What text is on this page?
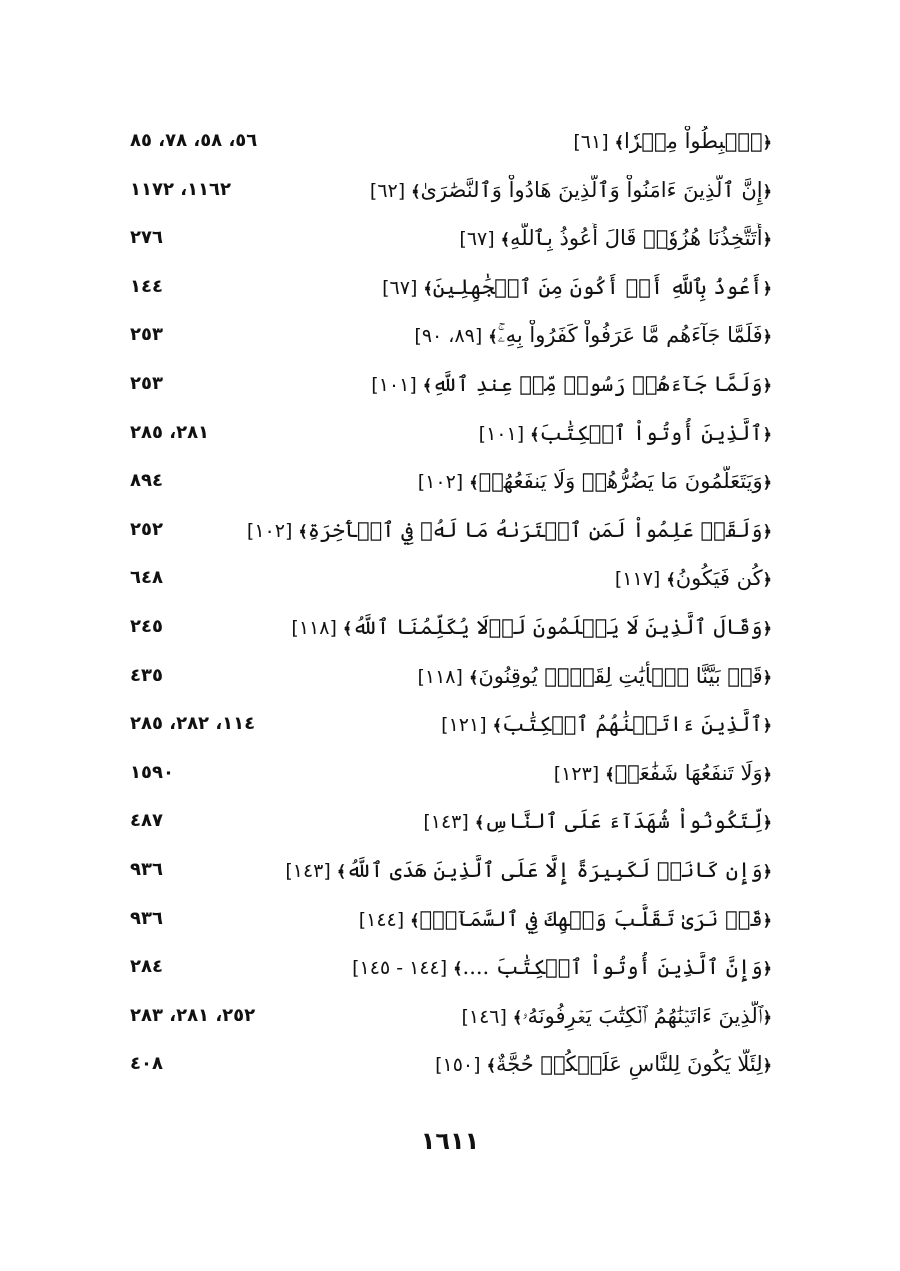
﴿ٱهۡبِطُواْ مِصۡرٗا﴾[٦١]
٥٦، ٥٨، ٧٨، ٨٥
﴿إِنَّ ٱلَّذِينَ ءَامَنُواْ وَٱلَّذِينَ هَادُواْ وَٱلنَّصَٰرَىٰ﴾[٦٢]
١١٦٢، ١١٧٢
﴿أَتَتَّخِذُنَا هُزُوٗاۖ قَالَ أَعُوذُ بِٱللَّهِ﴾[٦٧]
٢٧٦
﴿أَعُوذُ بِٱللَّهِ أَنۡ أَكُونَ مِنَ ٱلۡجَٰهِلِينَ﴾[٦٧]
١٤٤
﴿فَلَمَّا جَآءَهُم مَّا عَرَفُواْ كَفَرُواْ بِهِۦۚ﴾[٨٩، ٩٠]
٢٥٣
﴿وَلَمَّا جَآءَهُمۡ رَسُولٞ مِّنۡ عِندِ ٱللَّهِ﴾[١٠١]
٢٥٣
﴿ٱلَّذِينَ أُوتُواْ ٱلۡكِتَٰبَ﴾[١٠١]
٢٨١، ٢٨٥
﴿وَيَتَعَلَّمُونَ مَا يَضُرُّهُمۡ وَلَا يَنفَعُهُمۡ﴾[١٠٢]
٨٩٤
﴿وَلَقَدۡ عَلِمُواْ لَمَنِ ٱشۡتَرَىٰهُ مَا لَهُۥ فِي ٱلۡأٓخِرَةِ﴾[١٠٢]
٢٥٢
﴿كُن فَيَكُونُ﴾[١١٧]
٦٤٨
﴿وَقَالَ ٱلَّذِينَ لَا يَعۡلَمُونَ لَوۡلَا يُكَلِّمُنَا ٱللَّهُ﴾[١١٨]
٢٤٥
﴿قَدۡ بَيَّنَّا ٱلۡأٓيَٰتِ لِقَوۡمٖ يُوقِنُونَ﴾[١١٨]
٤٣٥
﴿ٱلَّذِينَ ءَاتَيۡنَٰهُمُ ٱلۡكِتَٰبَ﴾[١٢١]
١١٤، ٢٨٢، ٢٨٥
﴿وَلَا تَنفَعُهَا شَفَٰعَةٞ﴾[١٢٣]
١٥٩٠
﴿لِّتَكُونُواْ شُهَدَآءَ عَلَى ٱلنَّاسِ﴾[١٤٣]
٤٨٧
﴿وَإِن كَانَتۡ لَكَبِيرَةً إِلَّا عَلَى ٱلَّذِينَ هَدَى ٱللَّهُ﴾[١٤٣]
٩٣٦
﴿قَدۡ نَرَىٰ تَقَلُّبَ وَجۡهِكَ فِي ٱلسَّمَآءِۖ﴾[١٤٤]
٩٣٦
﴿وَإِنَّ ٱلَّذِينَ أُوتُواْ ٱلۡكِتَٰبَ ....﴾[١٤٤ - ١٤٥]
٢٨٤
﴿ٱلَّذِينَ ءَاتَيۡنَٰهُمُ ٱلۡكِتَٰبَ يَعۡرِفُونَهُۥ﴾[١٤٦]
٢٥٢، ٢٨١، ٢٨٣
﴿لِئَلَّا يَكُونَ لِلنَّاسِ عَلَيۡكُمۡ حُجَّةٌ﴾[١٥٠]
٤٠٨
١٦١١
